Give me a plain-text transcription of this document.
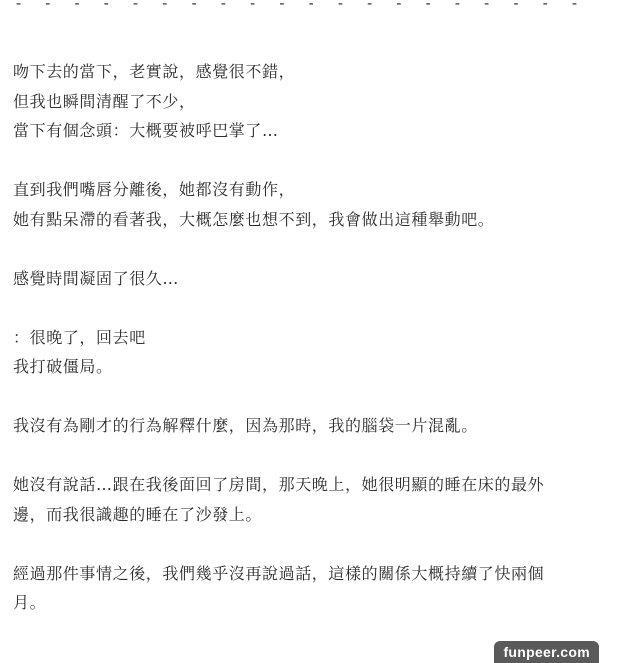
- - - - - - - - - - - - - - - - - - - -

吻下去的當下，老實說，感覺很不錯，
但我也瞬間清醒了不少，
當下有個念頭：大概要被呼巴掌了…

直到我們嘴唇分離後，她都沒有動作，
她有點呆滯的看著我，大概怎麼也想不到，我會做出這種舉動吧。

感覺時間凝固了很久…

：很晚了，回去吧
我打破僵局。

我沒有為剛才的行為解釋什麼，因為那時，我的腦袋一片混亂。

她沒有說話…跟在我後面回了房間，那天晚上，她很明顯的睡在床的最外
邊，而我很識趣的睡在了沙發上。

經過那件事情之後，我們幾乎沒再說過話，這樣的關係大概持續了快兩個
月。

funpeer.com
